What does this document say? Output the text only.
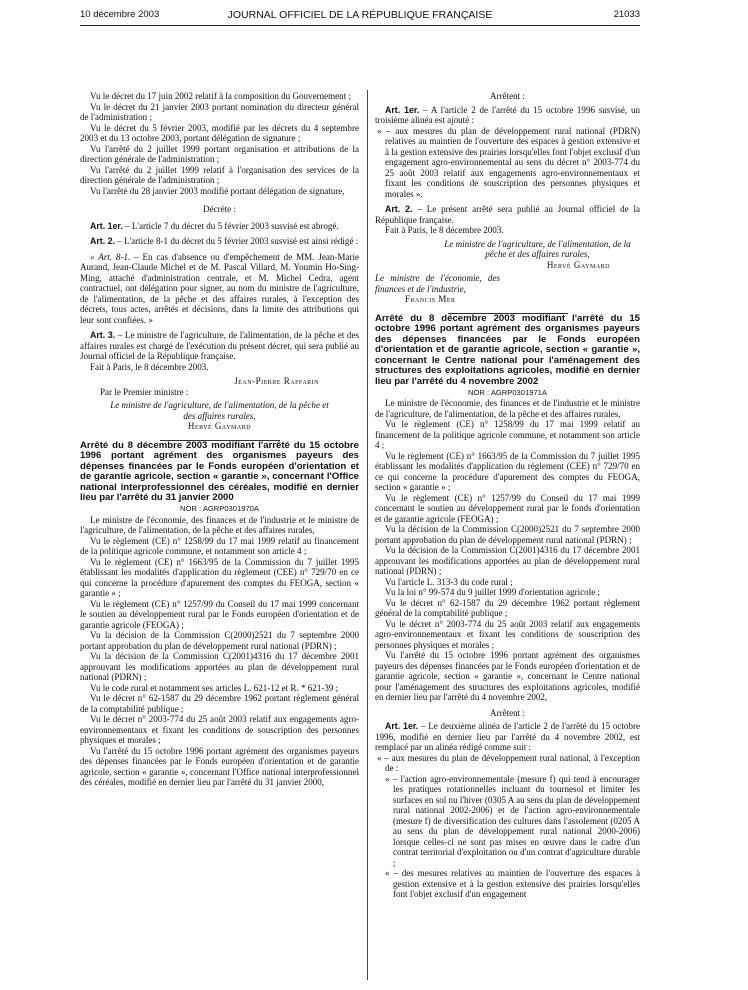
10 décembre 2003	JOURNAL OFFICIEL DE LA RÉPUBLIQUE FRANÇAISE	21033

Vu le décret du 17 juin 2002 relatif à la composition du Gouvernement ;

Vu le décret du 21 janvier 2003 portant nomination du directeur général de l'administration ;

Vu le décret du 5 février 2003, modifié par les décrets du 4 septembre 2003 et du 13 octobre 2003, portant délégation de signature ;

Vu l'arrêté du 2 juillet 1999 portant organisation et attributions de la direction générale de l'administration ;

Vu l'arrêté du 2 juillet 1999 relatif à l'organisation des services de la direction générale de l'administration ;

Vu l'arrêté du 28 janvier 2003 modifié portant délégation de signature,

Décrète :

Art. 1er. – L'article 7 du décret du 5 février 2003 susvisé est abrogé.

Art. 2. – L'article 8-1 du décret du 5 février 2003 susvisé est ainsi rédigé :

« Art. 8-1. – En cas d'absence ou d'empêchement de MM. Jean-Marie Aurand, Jean-Claude Michel et de M. Pascal Villard, M. Youmin Ho-Sing-Ming, attaché d'administration centrale, et M. Michel Cedra, agent contractuel, ont délégation pour signer, au nom du ministre de l'agriculture, de l'alimentation, de la pêche et des affaires rurales, à l'exception des décrets, tous actes, arrêtés et décisions, dans la limite des attributions qui leur sont confiées. »

Art. 3. – Le ministre de l'agriculture, de l'alimentation, de la pêche et des affaires rurales est chargé de l'exécution du présent décret, qui sera publié au Journal officiel de la République française.

Fait à Paris, le 8 décembre 2003.

Jean-Pierre Raffarin

Par le Premier ministre :

Le ministre de l'agriculture, de l'alimentation, de la pêche et des affaires rurales,

Hervé Gaymard

Arrêté du 8 décembre 2003 modifiant l'arrêté du 15 octobre 1996 portant agrément des organismes payeurs des dépenses financées par le Fonds européen d'orientation et de garantie agricole, section « garantie », concernant l'Office national interprofessionnel des céréales, modifié en dernier lieu par l'arrêté du 31 janvier 2000

NOR : AGRP0301970A

Le ministre de l'économie, des finances et de l'industrie et le ministre de l'agriculture, de l'alimentation, de la pêche et des affaires rurales,

Vu le règlement (CE) n° 1258/99 du 17 mai 1999 relatif au financement de la politique agricole commune, et notamment son article 4 ;

Vu le règlement (CE) n° 1663/95 de la Commission du 7 juillet 1995 établissant les modalités d'application du règlement (CEE) n° 729/70 en ce qui concerne la procédure d'apurement des comptes du FEOGA, section « garantie » ;

Vu le règlement (CE) n° 1257/99 du Conseil du 17 mai 1999 concernant le soutien au développement rural par le Fonds européen d'orientation et de garantie agricole (FEOGA) ;

Vu la décision de la Commission C(2000)2521 du 7 septembre 2000 portant approbation du plan de développement rural national (PDRN) ;

Vu la décision de la Commission C(2001)4316 du 17 décembre 2001 approuvant les modifications apportées au plan de développement rural national (PDRN) ;

Vu le code rural et notamment ses articles L. 621-12 et R. * 621-39 ;

Vu le décret n° 62-1587 du 29 décembre 1962 portant règlement général de la comptabilité publique ;

Vu le décret n° 2003-774 du 25 août 2003 relatif aux engagements agro-environnementaux et fixant les conditions de souscription des personnes physiques et morales ;

Vu l'arrêté du 15 octobre 1996 portant agrément des organismes payeurs des dépenses financées par le Fonds européen d'orientation et de garantie agricole, section « garantie », concernant l'Office national interprofessionnel des céréales, modifié en dernier lieu par l'arrêté du 31 janvier 2000,

Arrêtent :

Art. 1er. – A l'article 2 de l'arrêté du 15 octobre 1996 susvisé, un troisième alinéa est ajouté :

« – aux mesures du plan de développement rural national (PDRN) relatives au maintien de l'ouverture des espaces à gestion extensive et à la gestion extensive des prairies lorsqu'elles font l'objet exclusif d'un engagement agro-environnemental au sens du décret n° 2003-774 du 25 août 2003 relatif aux engagements agro-environnementaux et fixant les conditions de souscription des personnes physiques et morales ».

Art. 2. – Le présent arrêté sera publié au Journal officiel de la République française.

Fait à Paris, le 8 décembre 2003.

Le ministre de l'agriculture, de l'alimentation, de la pêche et des affaires rurales,

Hervé Gaymard

Le ministre de l'économie, des finances et de l'industrie,

Francis Mer

Arrêté du 8 décembre 2003 modifiant l'arrêté du 15 octobre 1996 portant agrément des organismes payeurs des dépenses financées par le Fonds européen d'orientation et de garantie agricole, section « garantie », concernant le Centre national pour l'aménagement des structures des exploitations agricoles, modifié en dernier lieu par l'arrêté du 4 novembre 2002

NOR : AGRP0301971A

Le ministre de l'économie, des finances et de l'industrie et le ministre de l'agriculture, de l'alimentation, de la pêche et des affaires rurales,

Vu le règlement (CE) n° 1258/99 du 17 mai 1999 relatif au financement de la politique agricole commune, et notamment son article 4 ;

Vu le règlement (CE) n° 1663/95 de la Commission du 7 juillet 1995 établissant les modalités d'application du règlement (CEE) n° 729/70 en ce qui concerne la procédure d'apurement des comptes du FEOGA, section « garantie » ;

Vu le règlement (CE) n° 1257/99 du Conseil du 17 mai 1999 concernant le soutien au développement rural par le fonds d'orientation et de garantie agricole (FEOGA) ;

Vu la décision de la Commission C(2000)2521 du 7 septembre 2000 portant approbation du plan de développement rural national (PDRN) ;

Vu la décision de la Commission C(2001)4316 du 17 décembre 2001 approuvant les modifications apportées au plan de développement rural national (PDRN) ;

Vu l'article L. 313-3 du code rural ;

Vu la loi n° 99-574 du 9 juillet 1999 d'orientation agricole ;

Vu le décret n° 62-1587 du 29 décembre 1962 portant règlement général de la comptabilité publique ;

Vu le décret n° 2003-774 du 25 août 2003 relatif aux engagements agro-environnementaux et fixant les conditions de souscription des personnes physiques et morales ;

Vu l'arrêté du 15 octobre 1996 portant agrément des organismes payeurs des dépenses financées par le Fonds européen d'orientation et de garantie agricole, section « garantie », concernant le Centre national pour l'aménagement des structures des exploitations agricoles, modifié en dernier lieu par l'arrêté du 4 novembre 2002,

Arrêtent :

Art. 1er. – Le deuxième alinéa de l'article 2 de l'arrêté du 15 octobre 1996, modifié en dernier lieu par l'arrêté du 4 novembre 2002, est remplacé par un alinéa rédigé comme suit :

« – aux mesures du plan de développement rural national, à l'exception de :

« – l'action agro-environnementale (mesure f) qui tend à encourager les pratiques rotationnelles incluant du tournesol et limiter les surfaces en sol nu l'hiver (0305 A au sens du plan de développement rural national 2002-2006) et de l'action agro-environnementale (mesure f) de diversification des cultures dans l'assolement (0205 A au sens du plan de développement rural national 2000-2006) lorsque celles-ci ne sont pas mises en œuvre dans le cadre d'un contrat territorial d'exploitation ou d'un contrat d'agriculture durable ;

« – des mesures relatives au maintien de l'ouverture des espaces à gestion extensive et à la gestion extensive des prairies lorsqu'elles font l'objet exclusif d'un engagement
